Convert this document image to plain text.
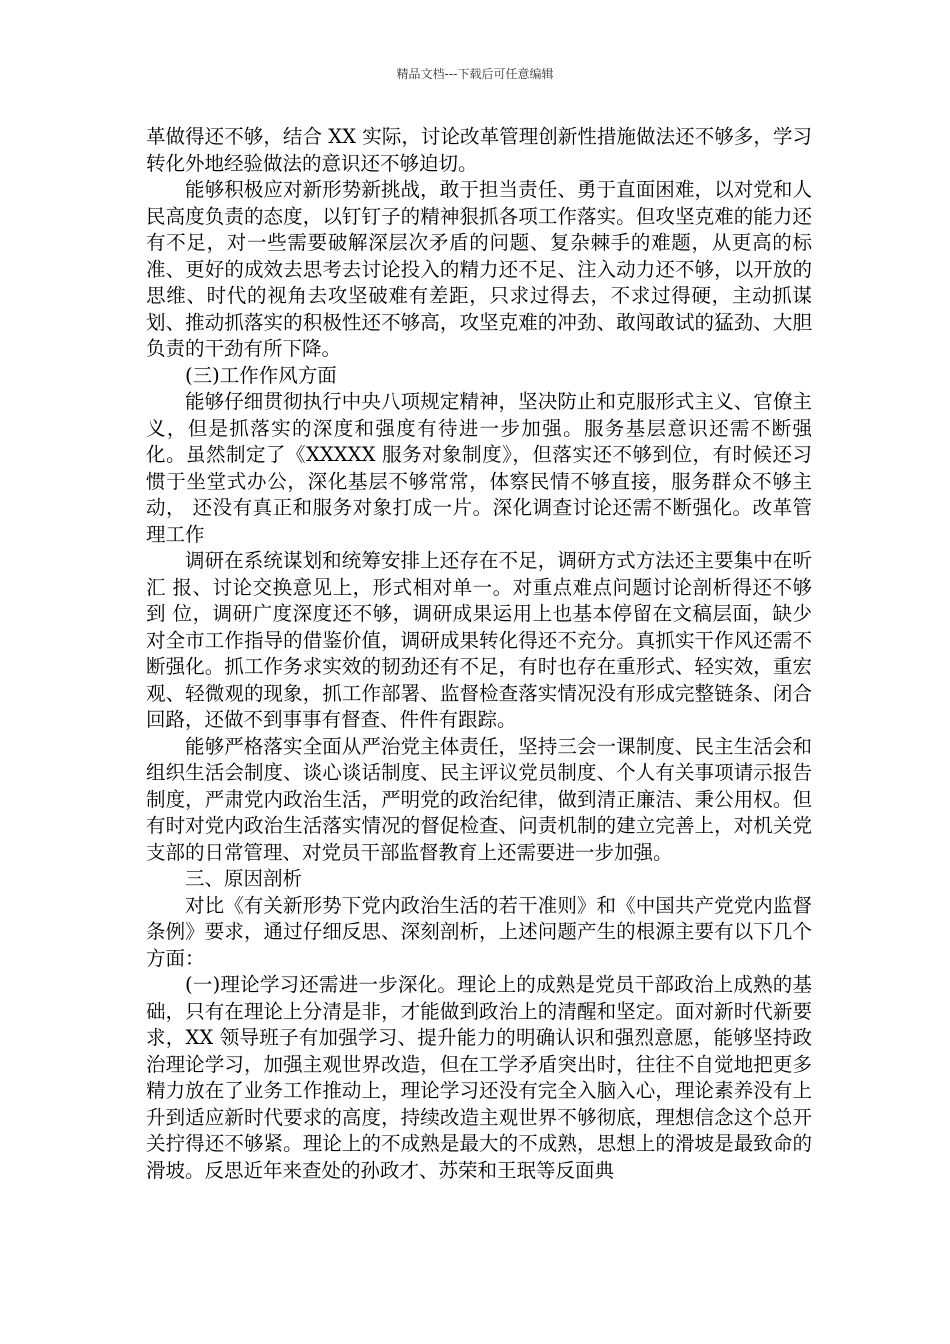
精品文档---下载后可任意编辑

革做得还不够，结合 XX 实际，讨论改革管理创新性措施做法还不够多，学习转化外地经验做法的意识还不够迫切。

能够积极应对新形势新挑战，敢于担当责任、勇于直面困难，以对党和人民高度负责的态度，以钉钉子的精神狠抓各项工作落实。但攻坚克难的能力还有不足，对一些需要破解深层次矛盾的问题、复杂棘手的难题，从更高的标准、更好的成效去思考去讨论投入的精力还不足、注入动力还不够，以开放的思维、时代的视角去攻坚破难有差距，只求过得去，不求过得硬，主动抓谋 划、推动抓落实的积极性还不够高，攻坚克难的冲劲、敢闯敢试的猛劲、大胆负责的干劲有所下降。

(三)工作作风方面

能够仔细贯彻执行中央八项规定精神，坚决防止和克服形式主义、官僚主义，但是抓落实的深度和强度有待进一步加强。服务基层意识还需不断强 化。虽然制定了《XXXXX 服务对象制度》，但落实还不够到位，有时候还习惯于坐堂式办公，深化基层不够常常，体察民情不够直接，服务群众不够主动， 还没有真正和服务对象打成一片。深化调查讨论还需不断强化。改革管理工作

调研在系统谋划和统筹安排上还存在不足，调研方式方法还主要集中在听汇 报、讨论交换意见上，形式相对单一。对重点难点问题讨论剖析得还不够到 位，调研广度深度还不够，调研成果运用上也基本停留在文稿层面，缺少对全市工作指导的借鉴价值，调研成果转化得还不充分。真抓实干作风还需不断强化。抓工作务求实效的韧劲还有不足，有时也存在重形式、轻实效，重宏观、轻微观的现象，抓工作部署、监督检查落实情况没有形成完整链条、闭合回路，还做不到事事有督查、件件有跟踪。

能够严格落实全面从严治党主体责任，坚持三会一课制度、民主生活会和组织生活会制度、谈心谈话制度、民主评议党员制度、个人有关事项请示报告制度，严肃党内政治生活，严明党的政治纪律，做到清正廉洁、秉公用权。但有时对党内政治生活落实情况的督促检查、问责机制的建立完善上，对机关党支部的日常管理、对党员干部监督教育上还需要进一步加强。

三、原因剖析

对比《有关新形势下党内政治生活的若干准则》和《中国共产党党内监督条例》要求，通过仔细反思、深刻剖析，上述问题产生的根源主要有以下几个方面：

(一)理论学习还需进一步深化。理论上的成熟是党员干部政治上成熟的基础，只有在理论上分清是非，才能做到政治上的清醒和坚定。面对新时代新要求，XX 领导班子有加强学习、提升能力的明确认识和强烈意愿，能够坚持政治理论学习，加强主观世界改造，但在工学矛盾突出时，往往不自觉地把更多精力放在了业务工作推动上，理论学习还没有完全入脑入心，理论素养没有上升到适应新时代要求的高度，持续改造主观世界不够彻底，理想信念这个总开关拧得还不够紧。理论上的不成熟是最大的不成熟，思想上的滑坡是最致命的滑坡。反思近年来查处的孙政才、苏荣和王珉等反面典
